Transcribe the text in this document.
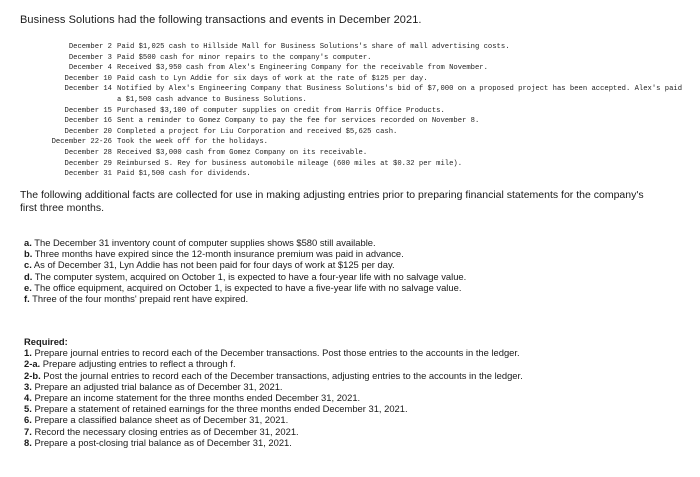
Business Solutions had the following transactions and events in December 2021.
December 2 Paid $1,025 cash to Hillside Mall for Business Solutions's share of mall advertising costs.
December 3 Paid $500 cash for minor repairs to the company's computer.
December 4 Received $3,950 cash from Alex's Engineering Company for the receivable from November.
December 10 Paid cash to Lyn Addie for six days of work at the rate of $125 per day.
December 14 Notified by Alex's Engineering Company that Business Solutions's bid of $7,000 on a proposed project has been accepted. Alex's paid a $1,500 cash advance to Business Solutions.
December 15 Purchased $3,100 of computer supplies on credit from Harris Office Products.
December 16 Sent a reminder to Gomez Company to pay the fee for services recorded on November 8.
December 20 Completed a project for Liu Corporation and received $5,625 cash.
December 22-26 Took the week off for the holidays.
December 28 Received $3,000 cash from Gomez Company on its receivable.
December 29 Reimbursed S. Rey for business automobile mileage (600 miles at $0.32 per mile).
December 31 Paid $1,500 cash for dividends.
The following additional facts are collected for use in making adjusting entries prior to preparing financial statements for the company's first three months.
a. The December 31 inventory count of computer supplies shows $580 still available.
b. Three months have expired since the 12-month insurance premium was paid in advance.
c. As of December 31, Lyn Addie has not been paid for four days of work at $125 per day.
d. The computer system, acquired on October 1, is expected to have a four-year life with no salvage value.
e. The office equipment, acquired on October 1, is expected to have a five-year life with no salvage value.
f. Three of the four months' prepaid rent have expired.
Required:
1. Prepare journal entries to record each of the December transactions. Post those entries to the accounts in the ledger.
2-a. Prepare adjusting entries to reflect a through f.
2-b. Post the journal entries to record each of the December transactions, adjusting entries to the accounts in the ledger.
3. Prepare an adjusted trial balance as of December 31, 2021.
4. Prepare an income statement for the three months ended December 31, 2021.
5. Prepare a statement of retained earnings for the three months ended December 31, 2021.
6. Prepare a classified balance sheet as of December 31, 2021.
7. Record the necessary closing entries as of December 31, 2021.
8. Prepare a post-closing trial balance as of December 31, 2021.
